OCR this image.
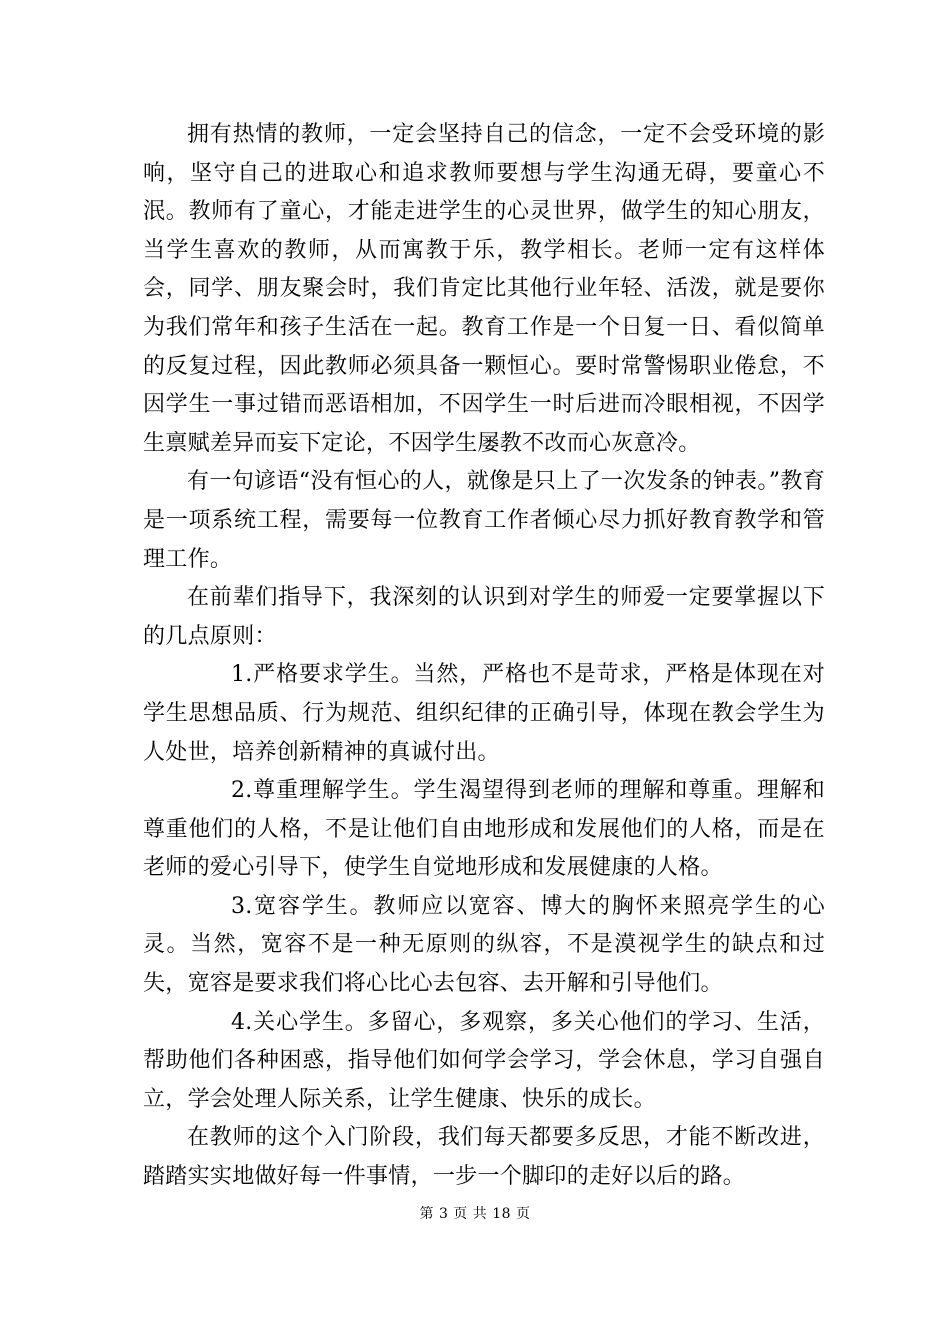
拥有热情的教师，一定会坚持自己的信念，一定不会受环境的影响，坚守自己的进取心和追求教师要想与学生沟通无碍，要童心不泯。教师有了童心，才能走进学生的心灵世界，做学生的知心朋友，当学生喜欢的教师，从而寓教于乐，教学相长。老师一定有这样体会，同学、朋友聚会时，我们肯定比其他行业年轻、活泼，就是要你为我们常年和孩子生活在一起。教育工作是一个日复一日、看似简单的反复过程，因此教师必须具备一颗恒心。要时常警惕职业倦怠，不因学生一事过错而恶语相加，不因学生一时后进而冷眼相视，不因学生禀赋差异而妄下定论，不因学生屡教不改而心灰意冷。

有一句谚语“没有恒心的人，就像是只上了一次发条的钟表。”教育是一项系统工程，需要每一位教育工作者倾心尽力抓好教育教学和管理工作。

在前辈们指导下，我深刻的认识到对学生的师爱一定要掌握以下的几点原则：

1.严格要求学生。当然，严格也不是苛求，严格是体现在对学生思想品质、行为规范、组织纪律的正确引导，体现在教会学生为人处世，培养创新精神的真诚付出。

2.尊重理解学生。学生渴望得到老师的理解和尊重。理解和尊重他们的人格，不是让他们自由地形成和发展他们的人格，而是在老师的爱心引导下，使学生自觉地形成和发展健康的人格。

3.宽容学生。教师应以宽容、博大的胸怀来照亮学生的心灵。当然，宽容不是一种无原则的纵容，不是漠视学生的缺点和过失，宽容是要求我们将心比心去包容、去开解和引导他们。

4.关心学生。多留心，多观察，多关心他们的学习、生活，帮助他们各种困惑，指导他们如何学会学习，学会休息，学习自强自立，学会处理人际关系，让学生健康、快乐的成长。

在教师的这个入门阶段，我们每天都要多反思，才能不断改进，踏踏实实地做好每一件事情，一步一个脚印的走好以后的路。

第 3 页 共 18 页
